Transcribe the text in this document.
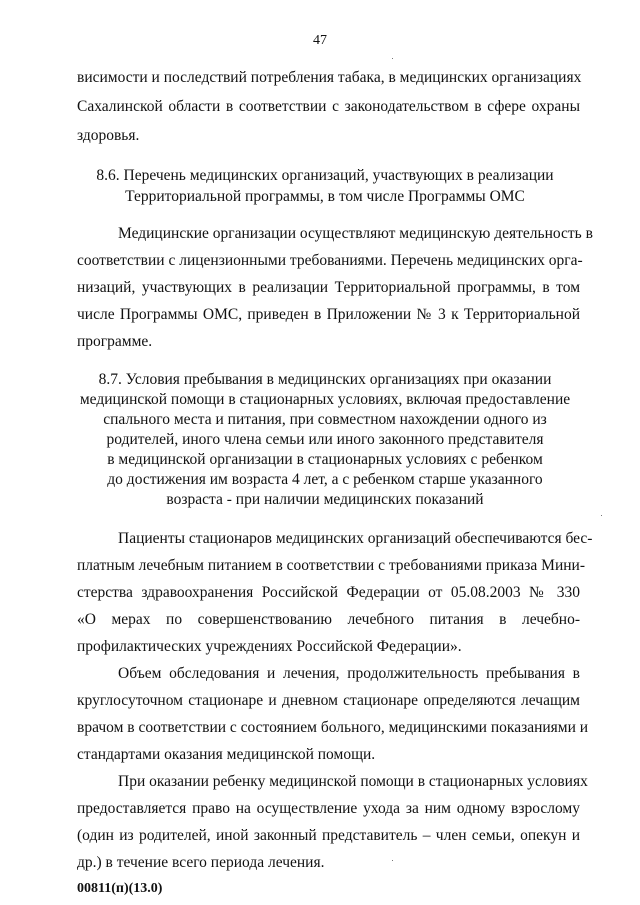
47
висимости и последствий потребления табака, в медицинских организациях
Сахалинской области в соответствии с законодательством в сфере охраны
здоровья.
8.6. Перечень медицинских организаций, участвующих в реализации
Территориальной программы, в том числе Программы ОМС
Медицинские организации осуществляют медицинскую деятельность в
соответствии с лицензионными требованиями. Перечень медицинских орга-
низаций, участвующих в реализации Территориальной программы, в том
числе Программы ОМС, приведен в Приложении № 3 к Территориальной
программе.
8.7. Условия пребывания в медицинских организациях при оказании
медицинской помощи в стационарных условиях, включая предоставление
спального места и питания, при совместном нахождении одного из
родителей, иного члена семьи или иного законного представителя
в медицинской организации в стационарных условиях с ребенком
до достижения им возраста 4 лет, а с ребенком старше указанного
возраста - при наличии медицинских показаний
Пациенты стационаров медицинских организаций обеспечиваются бес-
платным лечебным питанием в соответствии с требованиями приказа Мини-
стерства здравоохранения Российской Федерации от 05.08.2003 № 330
«О мерах по совершенствованию лечебного питания в лечебно-
профилактических учреждениях Российской Федерации».
Объем обследования и лечения, продолжительность пребывания в
круглосуточном стационаре и дневном стационаре определяются лечащим
врачом в соответствии с состоянием больного, медицинскими показаниями и
стандартами оказания медицинской помощи.
При оказании ребенку медицинской помощи в стационарных условиях
предоставляется право на осуществление ухода за ним одному взрослому
(один из родителей, иной законный представитель – член семьи, опекун и
др.) в течение всего периода лечения.
00811(п)(13.0)
